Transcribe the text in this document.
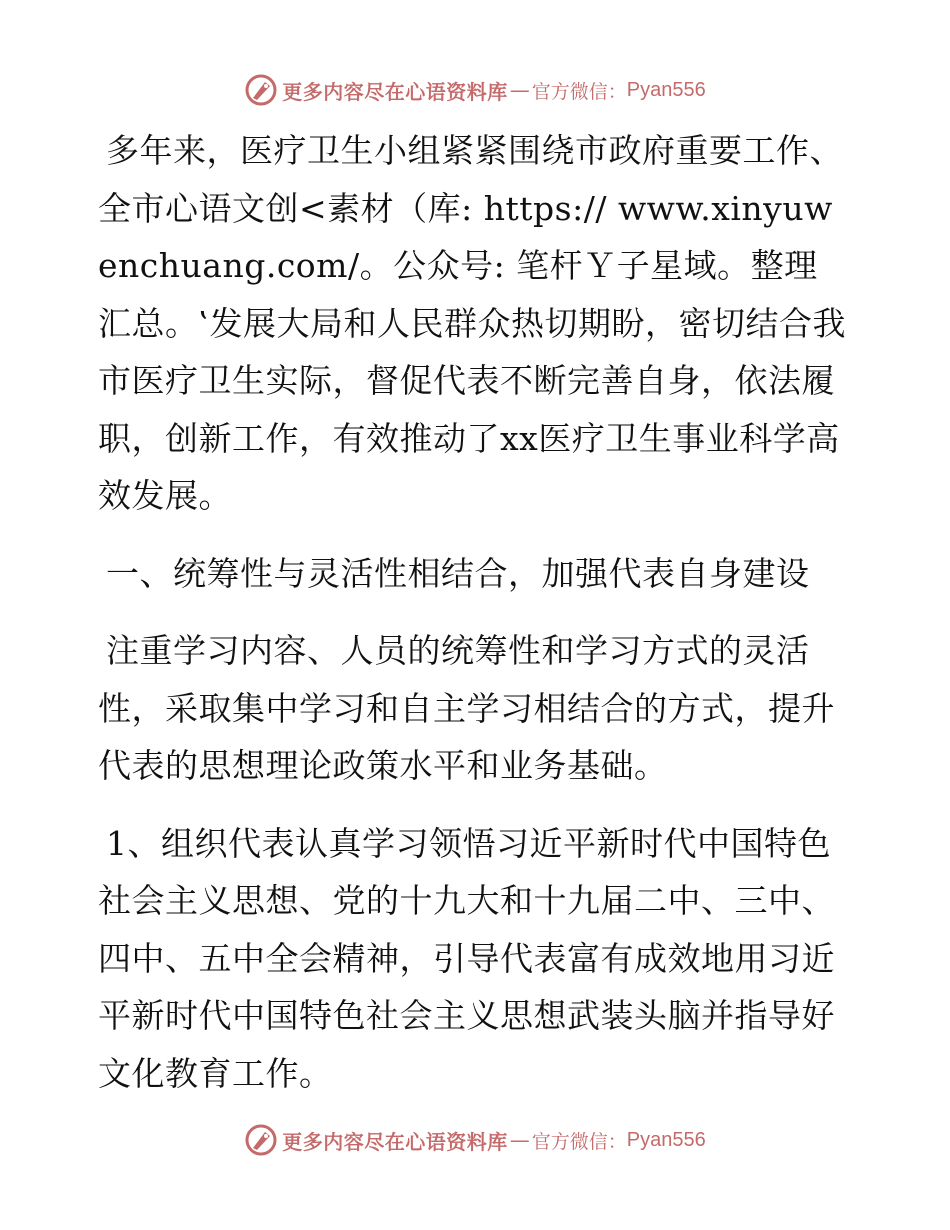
更多内容尽在心语资料库 — 官方微信： Pyan556

多年来，医疗卫生小组紧紧围绕市政府重要工作、全市心语文创<素材（库: https:// www.xinyuwenchuang.com/。公众号: 笔杆Ｙ子星域。整理汇总。‛发展大局和人民群众热切期盼，密切结合我市医疗卫生实际，督促代表不断完善自身，依法履职，创新工作，有效推动了xx医疗卫生事业科学高效发展。

一、统筹性与灵活性相结合，加强代表自身建设

注重学习内容、人员的统筹性和学习方式的灵活性，采取集中学习和自主学习相结合的方式，提升代表的思想理论政策水平和业务基础。

1、组织代表认真学习领悟习近平新时代中国特色社会主义思想、党的十九大和十九届二中、三中、四中、五中全会精神，引导代表富有成效地用习近平新时代中国特色社会主义思想武装头脑并指导好文化教育工作。

更多内容尽在心语资料库 — 官方微信： Pyan556
